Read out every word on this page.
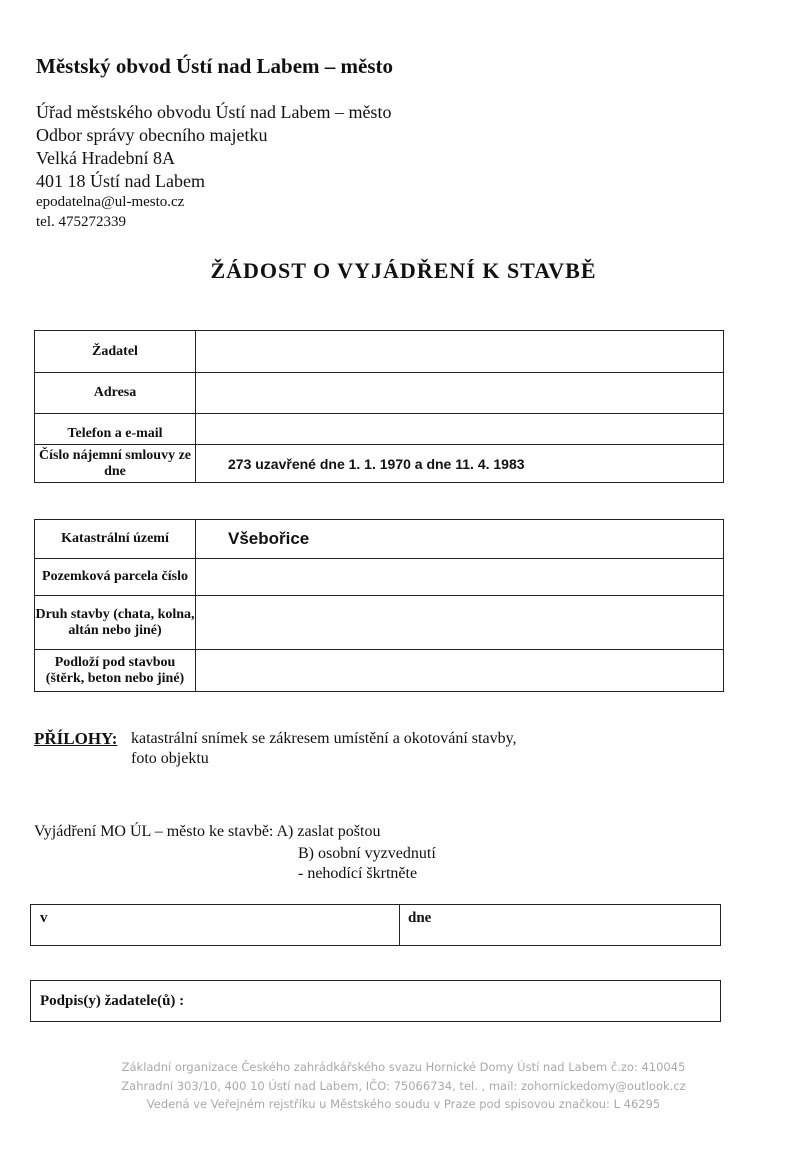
Městský obvod Ústí nad Labem – město
Úřad městského obvodu Ústí nad Labem – město
Odbor správy obecního majetku
Velká Hradební 8A
401 18 Ústí nad Labem
epodatelna@ul-mesto.cz
tel. 475272339
ŽÁDOST O VYJÁDŘENÍ K STAVBĚ
Žadatel	
Adresa	
Telefon a e-mail	
Číslo nájemní smlouvy ze dne	273 uzavřené dne 1. 1. 1970 a dne 11. 4. 1983
Katastrální území	Všebořice
Pozemková parcela číslo	
Druh stavby (chata, kolna, altán nebo jiné)	
Podloží pod stavbou (štěrk, beton nebo jiné)	
PŘÍLOHY: katastrální snímek se zákresem umístění a okotování stavby,
foto objektu
Vyjádření MO ÚL – město ke stavbě: A) zaslat poštou
B) osobní vyzvednutí
- nehodící škrtněte
v	dne
Podpis(y) žadatele(ů) :
Základní organizace Českého zahrádkářského svazu Hornické Domy Ústí nad Labem č.zo: 410045
Zahradní 303/10, 400 10 Ústí nad Labem, IČO: 75066734, tel. , mail: zohornickedomy@outlook.cz
Vedená ve Veřejném rejstříku u Městského soudu v Praze pod spisovou značkou: L 46295
